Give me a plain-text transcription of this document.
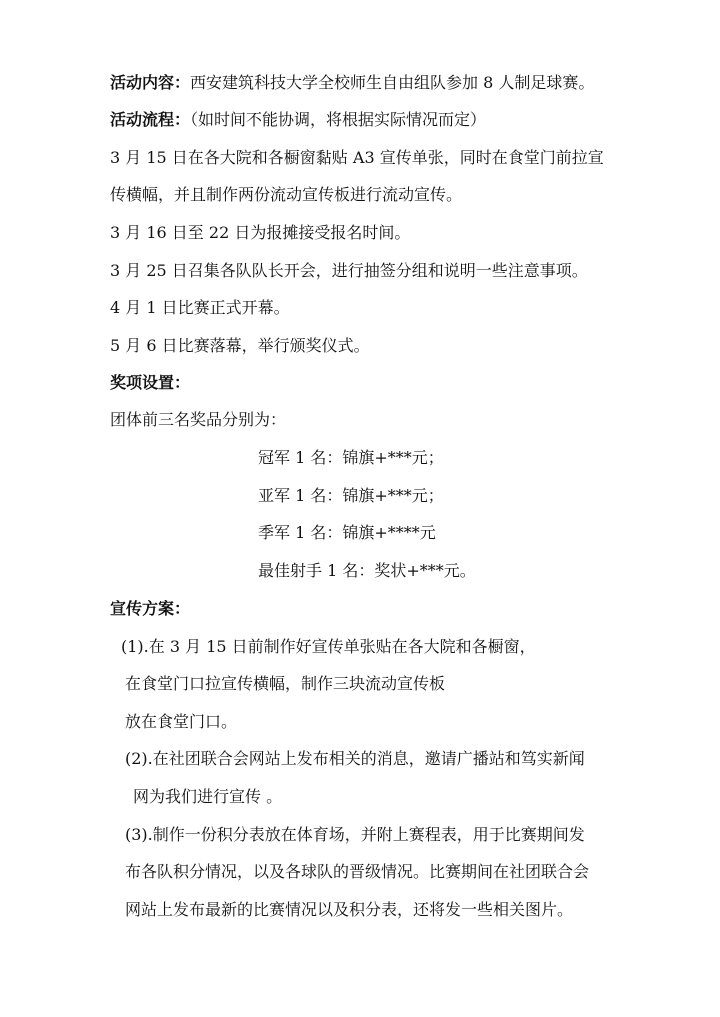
活动内容：西安建筑科技大学全校师生自由组队参加 8 人制足球赛。
活动流程：（如时间不能协调，将根据实际情况而定）
3 月 15 日在各大院和各橱窗黏贴 A3 宣传单张，同时在食堂门前拉宣
传横幅，并且制作两份流动宣传板进行流动宣传。
3 月 16 日至 22 日为报摊接受报名时间。
3 月 25 日召集各队队长开会，进行抽签分组和说明一些注意事项。
4 月 1 日比赛正式开幕。
5 月 6 日比赛落幕，举行颁奖仪式。
奖项设置：
团体前三名奖品分别为：
冠军 1 名：锦旗+***元；
亚军 1 名：锦旗+***元；
季军 1 名：锦旗+****元
最佳射手 1 名：奖状+***元。
宣传方案：
(1).在 3 月 15 日前制作好宣传单张贴在各大院和各橱窗，
在食堂门口拉宣传横幅，制作三块流动宣传板
放在食堂门口。
(2).在社团联合会网站上发布相关的消息，邀请广播站和笃实新闻
网为我们进行宣传 。
(3).制作一份积分表放在体育场，并附上赛程表，用于比赛期间发
布各队积分情况，以及各球队的晋级情况。比赛期间在社团联合会
网站上发布最新的比赛情况以及积分表，还将发一些相关图片。
